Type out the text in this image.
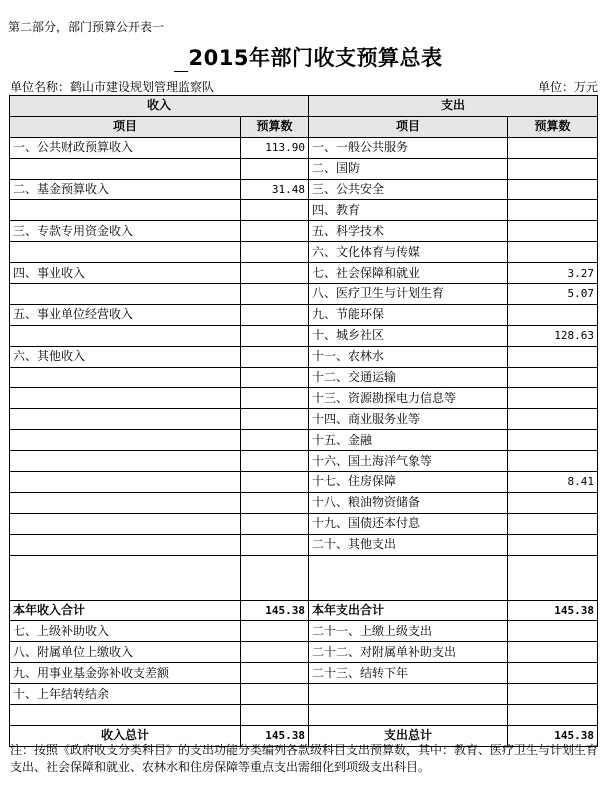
第二部分，部门预算公开表一
2015年部门收支预算总表
单位名称：鹤山市建设规划管理监察队	单位：万元
收入		支出	
项目	预算数	项目	预算数
一、公共财政预算收入	113.90	一、一般公共服务	
		二、国防	
二、基金预算收入	31.48	三、公共安全	
		四、教育	
三、专款专用资金收入		五、科学技术	
		六、文化体育与传媒	
四、事业收入		七、社会保障和就业	3.27
		八、医疗卫生与计划生育	5.07
五、事业单位经营收入		九、节能环保	
		十、城乡社区	128.63
六、其他收入		十一、农林水	
		十二、交通运输	
		十三、资源勘探电力信息等	
		十四、商业服务业等	
		十五、金融	
		十六、国土海洋气象等	
		十七、住房保障	8.41
		十八、粮油物资储备	
		十九、国债还本付息	
		二十、其他支出	

本年收入合计	145.38	本年支出合计	145.38
七、上级补助收入		二十一、上缴上级支出	
八、附属单位上缴收入		二十二、对附属单补助支出	
九、用事业基金弥补收支差额		二十三、结转下年	
十、上年结转结余			

收入总计	145.38	支出总计	145.38
注：按照《政府收支分类科目》的支出功能分类编列各款级科目支出预算数，其中：教育、医疗卫生与计划生育支出、社会保障和就业、农林水和住房保障等重点支出需细化到项级支出科目。
